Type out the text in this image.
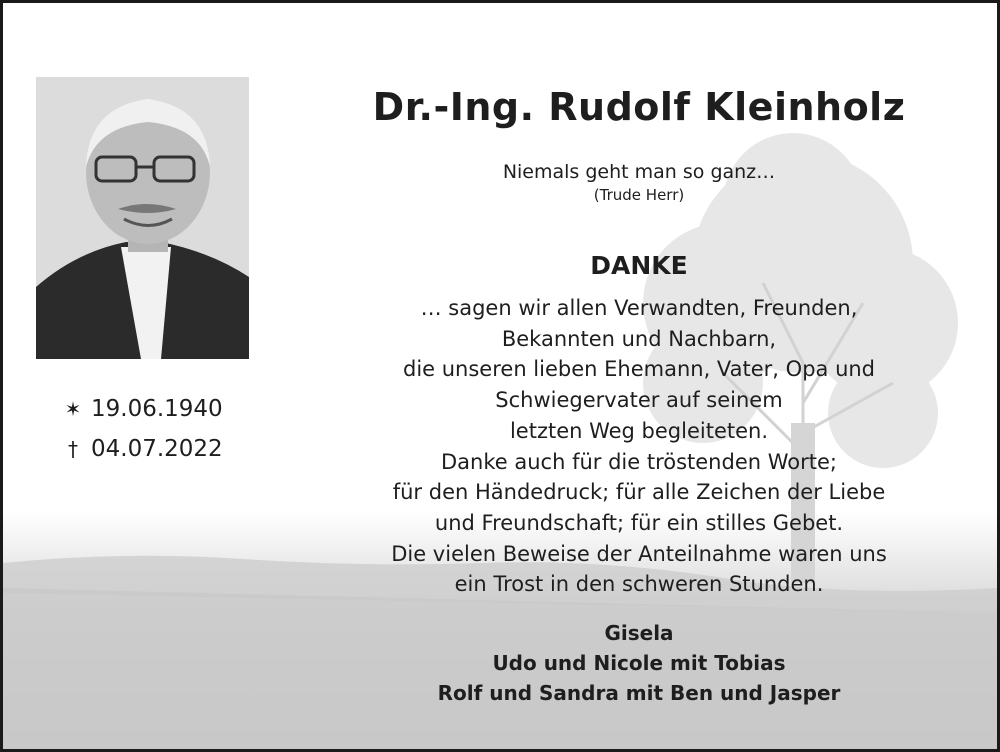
✶ 19.06.1940
† 04.07.2022
Dr.-Ing. Rudolf Kleinholz
Niemals geht man so ganz…
(Trude Herr)
DANKE
… sagen wir allen Verwandten, Freunden,
Bekannten und Nachbarn,
die unseren lieben Ehemann, Vater, Opa und
Schwiegervater auf seinem
letzten Weg begleiteten.
Danke auch für die tröstenden Worte;
für den Händedruck; für alle Zeichen der Liebe
und Freundschaft; für ein stilles Gebet.
Die vielen Beweise der Anteilnahme waren uns
ein Trost in den schweren Stunden.
Gisela
Udo und Nicole mit Tobias
Rolf und Sandra mit Ben und Jasper
